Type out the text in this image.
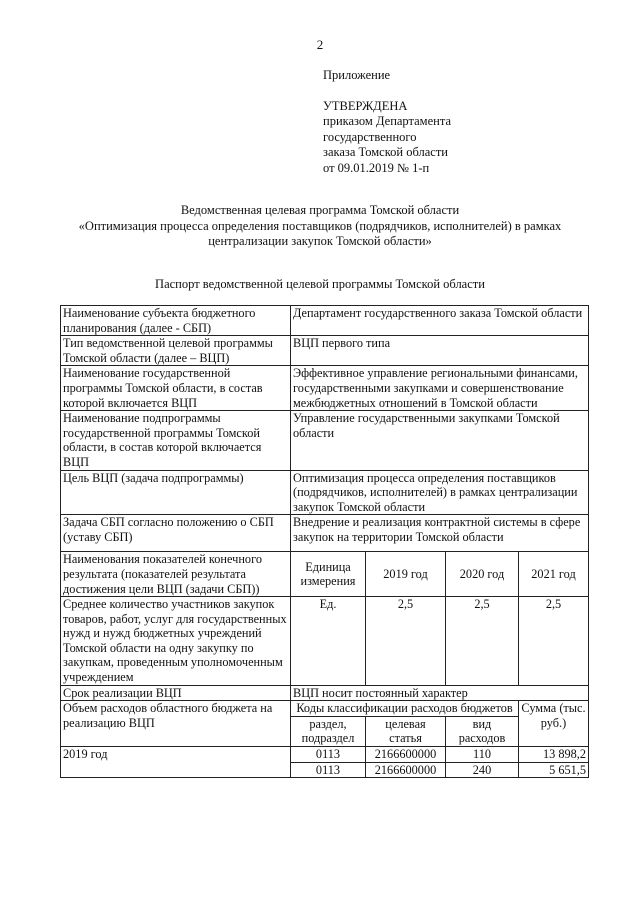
2
Приложение
УТВЕРЖДЕНА
приказом Департамента
государственного
заказа Томской области
от 09.01.2019 № 1-п
Ведомственная целевая программа Томской области
«Оптимизация процесса определения поставщиков (подрядчиков, исполнителей) в рамках
централизации закупок Томской области»
Паспорт ведомственной целевой программы Томской области
Наименование субъекта бюджетного планирования (далее - СБП)	Департамент государственного заказа Томской области			
Тип ведомственной целевой программы Томской области (далее – ВЦП)	ВЦП первого типа			
Наименование государственной программы Томской области, в состав которой включается ВЦП	Эффективное управление региональными финансами, государственными закупками и совершенствование межбюджетных отношений в Томской области			
Наименование подпрограммы государственной программы Томской области, в состав которой включается ВЦП	Управление государственными закупками Томской области			
Цель ВЦП (задача подпрограммы)	Оптимизация процесса определения поставщиков (подрядчиков, исполнителей) в рамках централизации закупок Томской области			
Задача СБП согласно положению о СБП (уставу СБП)	Внедрение и реализация контрактной системы в сфере закупок на территории Томской области			
Наименования показателей конечного результата (показателей результата достижения цели ВЦП (задачи СБП))	Единица измерения	2019 год	2020 год	2021 год
Среднее количество участников закупок товаров, работ, услуг для государственных нужд и нужд бюджетных учреждений Томской области на одну закупку по закупкам, проведенным уполномоченным учреждением	Ед.	2,5	2,5	2,5
Срок реализации ВЦП	ВЦП носит постоянный характер			
Объем расходов областного бюджета на реализацию ВЦП	Коды классификации расходов бюджетов			Сумма (тыс. руб.)
	раздел, подраздел	целевая статья	вид расходов	
2019 год	0113	2166600000	110	13 898,2
	0113	2166600000	240	5 651,5
